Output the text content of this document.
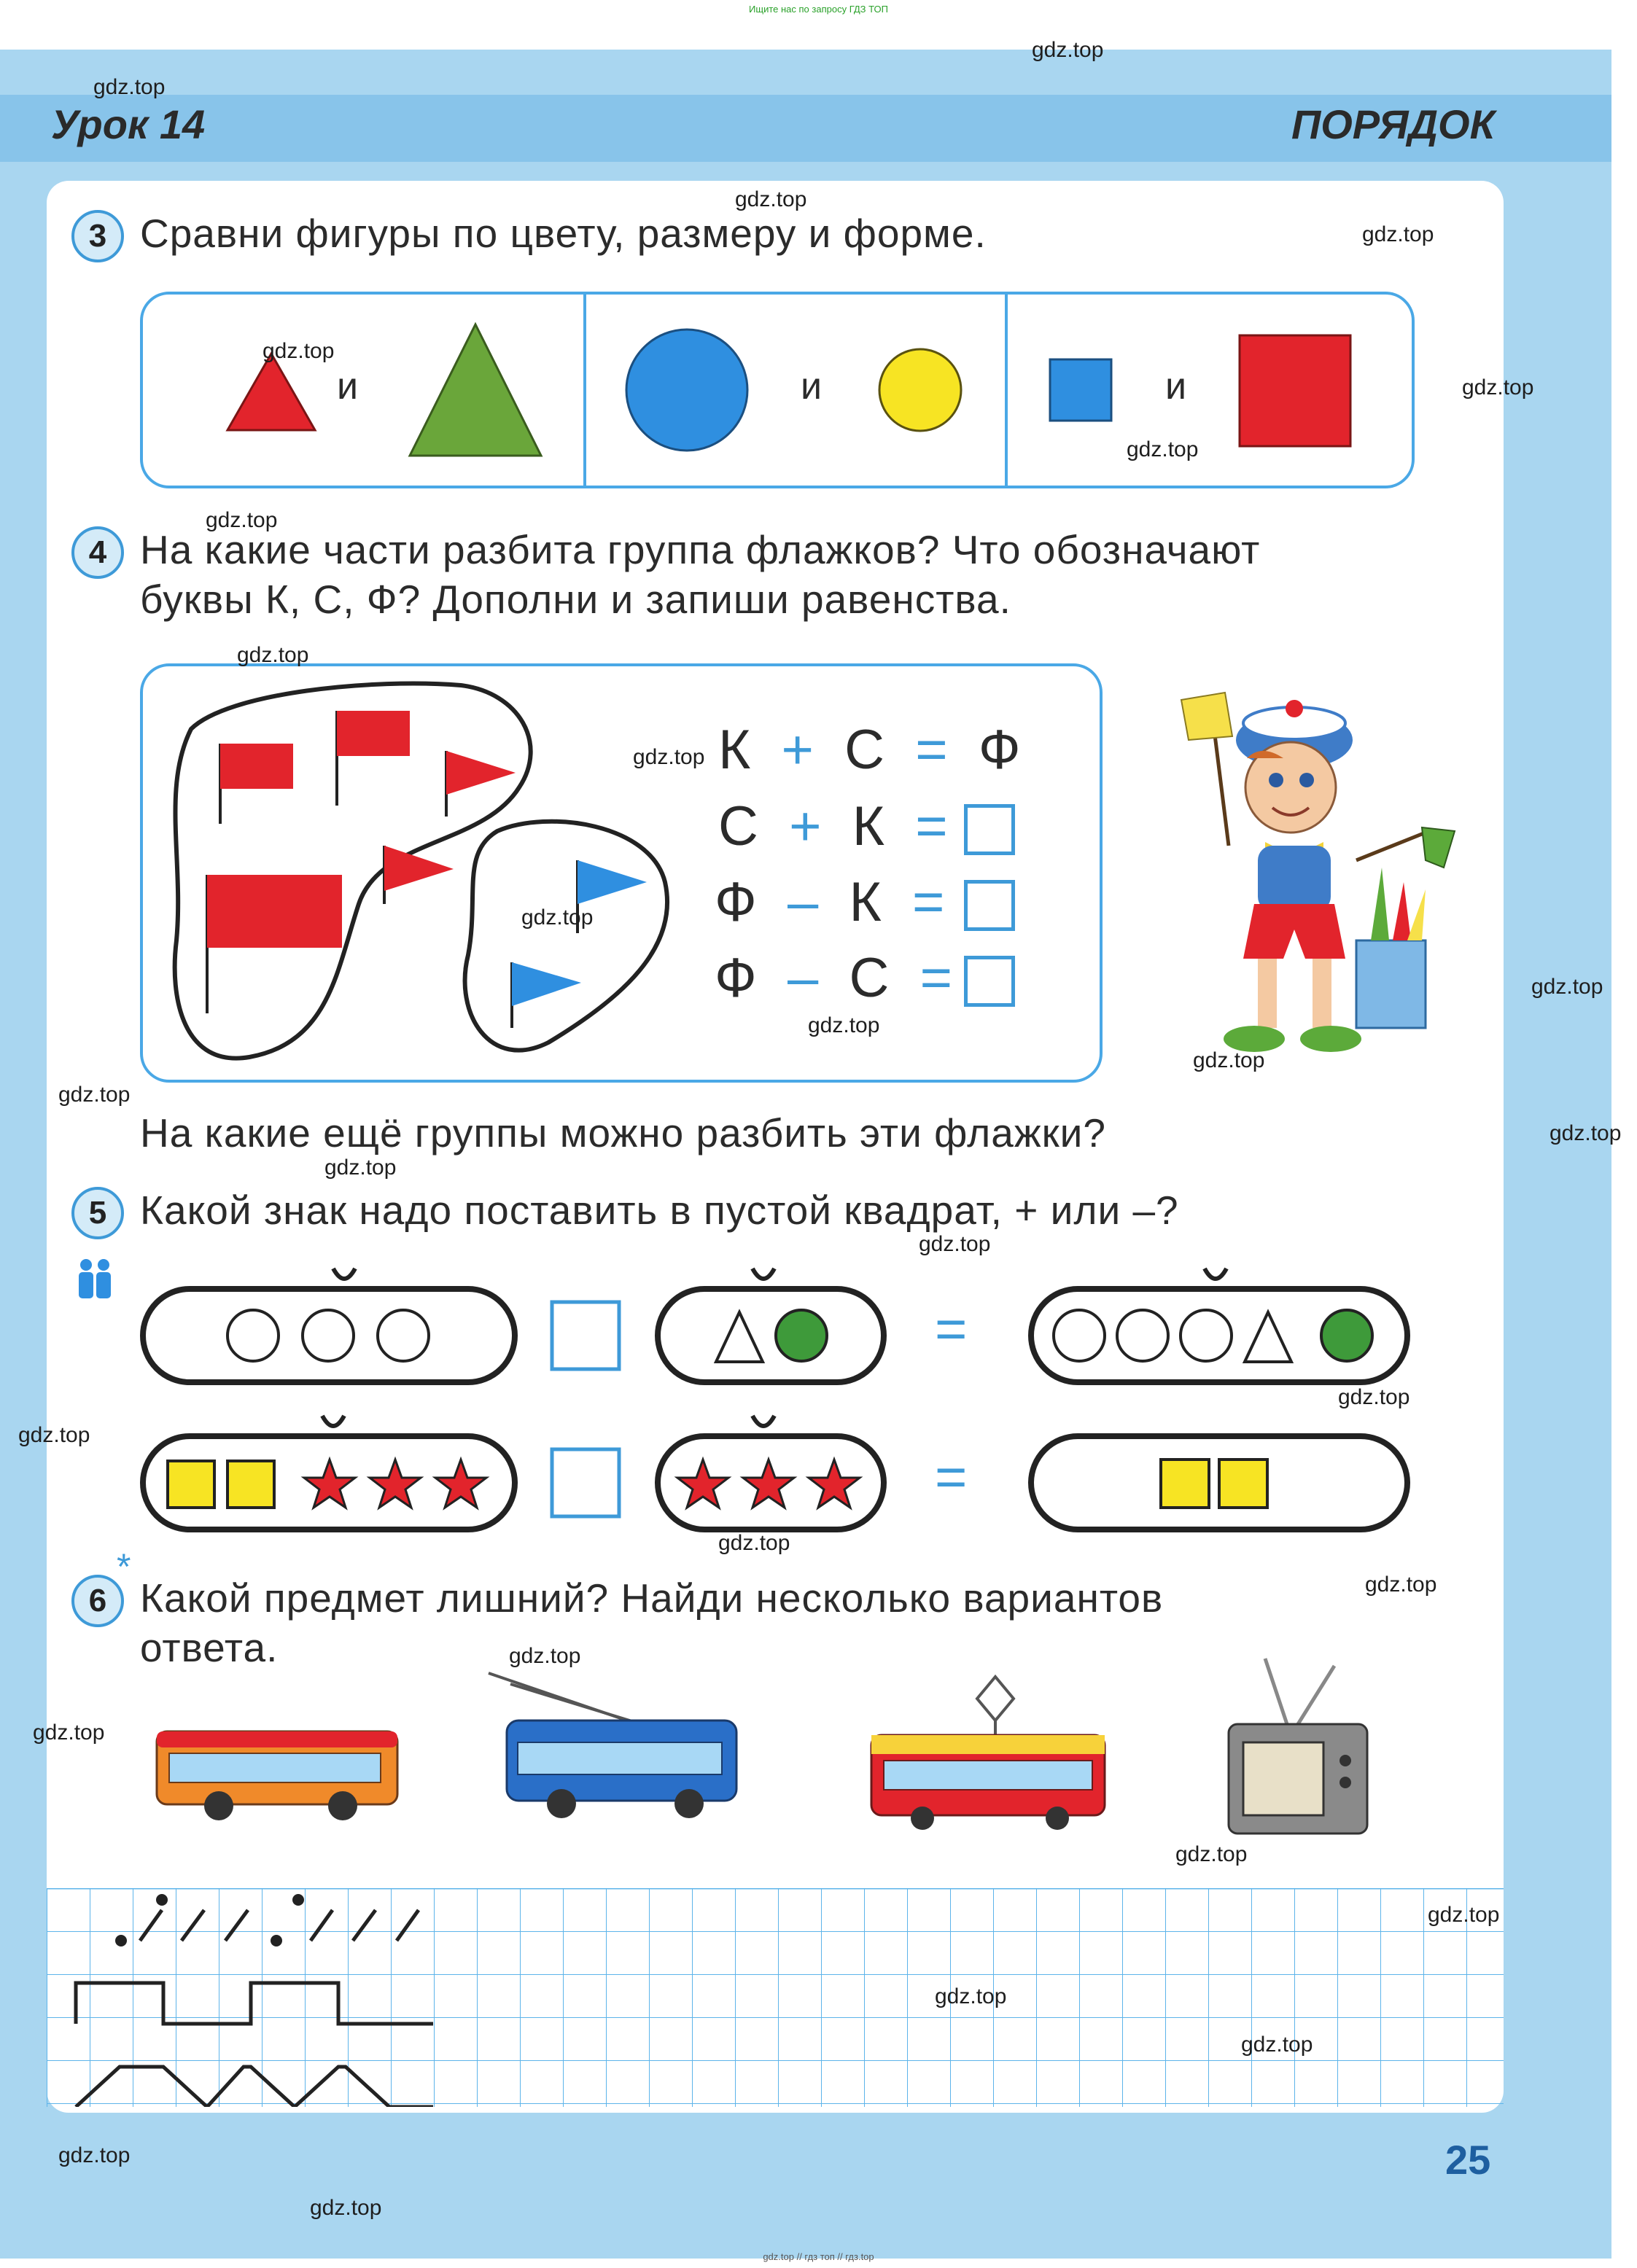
Ищите нас по запросу ГДЗ ТОП
gdz.top // гдз топ // гдз.top
Урок 14	ПОРЯДОК
3 Сравни фигуры по цвету, размеру и форме.
и	и	и
4 На какие части разбита группа флажков? Что обозначают
буквы К, С, Ф? Дополни и запиши равенства.
К + С = Ф
С + К =
Ф – К =
Ф – С =
На какие ещё группы можно разбить эти флажки?
5 Какой знак надо поставить в пустой квадрат, + или –?
=
=
6
*
Какой предмет лишний? Найди несколько вариантов
ответа.
25
gdz.top
gdz.top
gdz.top
gdz.top
gdz.top
gdz.top
gdz.top
gdz.top
gdz.top
gdz.top
gdz.top
gdz.top
gdz.top
gdz.top
gdz.top
gdz.top
gdz.top
gdz.top
gdz.top
gdz.top
gdz.top
gdz.top
gdz.top
gdz.top
gdz.top
gdz.top
gdz.top
gdz.top
gdz.top
gdz.top
